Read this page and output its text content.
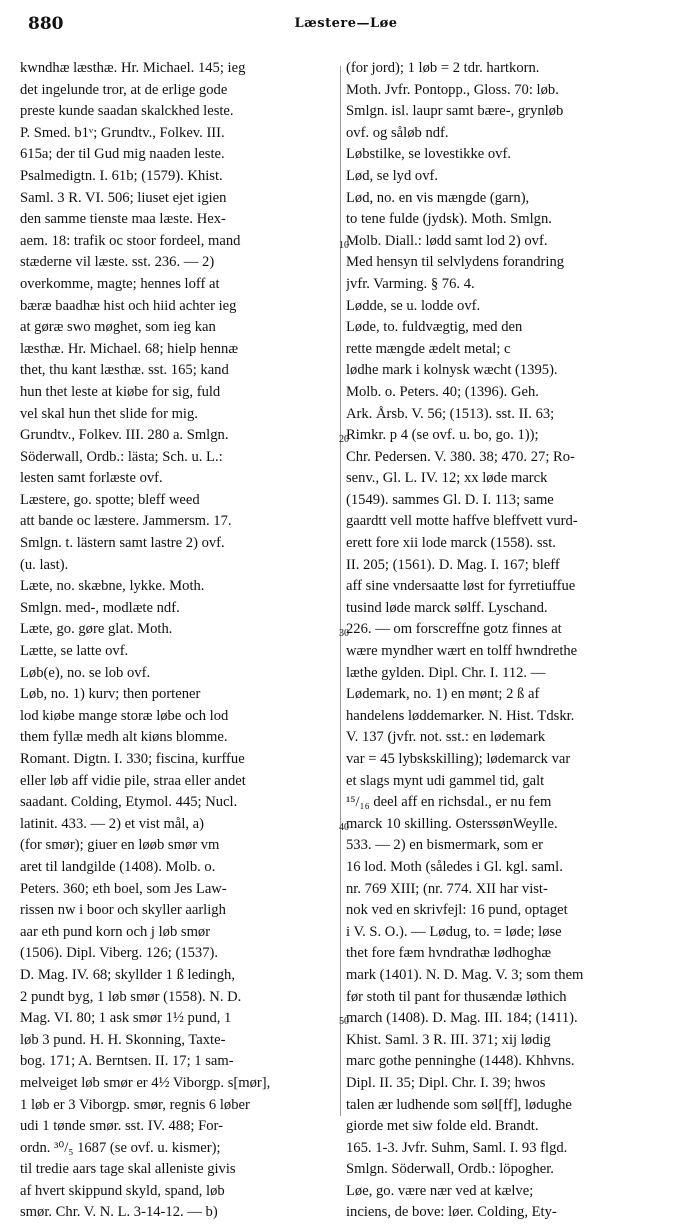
880	Læstere—Løe
kwndhæ læsthæ. Hr. Michael. 145; ieg
det ingelunde tror, at de erlige gode
preste kunde saadan skalckhed leste.
P. Smed. b1ᵛ; Grundtv., Folkev. III.
615a; der til Gud mig naaden leste.
Psalmedigtn. I. 61b; (1579). Khist.
Saml. 3 R. VI. 506; liuset ejet igien
den samme tienste maa læste. Hex-
aem. 18: trafik oc stoor fordeel, mand
stæderne vil læste. sst. 236. — 2)
overkomme, magte; hennes loff at
bæræ baadhæ hist och hiid achter ieg
at gøræ swo møghet, som ieg kan
læsthæ. Hr. Michael. 68; hielp hennæ
thet, thu kant læsthæ. sst. 165; kand
hun thet leste at kiøbe for sig, fuld
vel skal hun thet slide for mig.
Grundtv., Folkev. III. 280 a. Smlgn.
Söderwall, Ordb.: lästa; Sch. u. L.:
lesten samt forlæste ovf.
Læstere, go. spotte; bleff weed
att bande oc læstere. Jammersm. 17.
Smlgn. t. lästern samt lastre 2) ovf.
(u. last).
Læte, no. skæbne, lykke. Moth.
Smlgn. med-, modlæte ndf.
Læte, go. gøre glat. Moth.
Lætte, se latte ovf.
Løb(e), no. se lob ovf.
Løb, no. 1) kurv; then portener
lod kiøbe mange storæ løbe och lod
them fyllæ medh alt kiøns blomme.
Romant. Digtn. I. 330; fiscina, kurffue
eller løb aff vidie pile, straa eller andet
saadant. Colding, Etymol. 445; Nucl.
latinit. 433. — 2) et vist mål, a)
(for smør); giuer en løøb smør vm
aret til landgilde (1408). Molb. o.
Peters. 360; eth boel, som Jes Law-
rissen nw i boor och skyller aarligh
aar eth pund korn och j løb smør
(1506). Dipl. Viberg. 126; (1537).
D. Mag. IV. 68; skyllder 1 ß ledingh,
2 pundt byg, 1 løb smør (1558). N. D.
Mag. VI. 80; 1 ask smør 1½ pund, 1
løb 3 pund. H. H. Skonning, Taxte-
bog. 171; A. Berntsen. II. 17; 1 sam-
melveiget løb smør er 4½ Viborgp. s[mør],
1 løb er 3 Viborgp. smør, regnis 6 løber
udi 1 tønde smør. sst. IV. 488; For-
ordn. ³⁰/₅ 1687 (se ovf. u. kismer);
til tredie aars tage skal alleniste givis
af hvert skippund skyld, spand, løb
smør. Chr. V. N. L. 3-14-12. — b)
(for jord); 1 løb = 2 tdr. hartkorn.
Moth. Jvfr. Pontopp., Gloss. 70: løb.
Smlgn. isl. laupr samt bære-, grynløb
ovf. og såløb ndf.
Løbstilke, se lovestikke ovf.
Lød, se lyd ovf.
Lød, no. en vis mængde (garn),
to tene fulde (jydsk). Moth. Smlgn.
Molb. Diall.: lødd samt lod 2) ovf.
Med hensyn til selvlydens forandring
jvfr. Varming. § 76. 4.
Lødde, se u. lodde ovf.
Løde, to. fuldvægtig, med den
rette mængde ædelt metal; c
lødhe mark i kolnysk wæcht (1395).
Molb. o. Peters. 40; (1396). Geh.
Ark. Årsb. V. 56; (1513). sst. II. 63;
Rimkr. p 4 (se ovf. u. bo, go. 1));
Chr. Pedersen. V. 380. 38; 470. 27; Ro-
senv., Gl. L. IV. 12; xx løde marck
(1549). sammes Gl. D. I. 113; same
gaardtt vell motte haffve bleffvett vurd-
erett fore xii lode marck (1558). sst.
II. 205; (1561). D. Mag. I. 167; bleff
aff sine vndersaatte løst for fyrretiuffue
tusind løde marck sølff. Lyschand.
226. — om forscreffne gotz finnes at
wære myndher wært en tolff hwndrethe
læthe gylden. Dipl. Chr. I. 112. —
Lødemark, no. 1) en mønt; 2 ß af
handelens løddemarker. N. Hist. Tdskr.
V. 137 (jvfr. not. sst.: en lødemark
var = 45 lybskskilling); lødemarck var
et slags mynt udi gammel tid, galt
¹⁵/₁₆ deel aff en richsdal., er nu fem
marck 10 skilling. OsterssønWeylle.
533. — 2) en bismermark, som er
16 lod. Moth (således i Gl. kgl. saml.
nr. 769 XIII; (nr. 774. XII har vist-
nok ved en skrivfejl: 16 pund, optaget
i V. S. O.). — Lødug, to. = løde; løse
thet fore fæm hvndrathæ lødhoghæ
mark (1401). N. D. Mag. V. 3; som them
før stoth til pant for thusændæ løthich
march (1408). D. Mag. III. 184; (1411).
Khist. Saml. 3 R. III. 371; xij lødig
marc gothe penninghe (1448). Khhvns.
Dipl. II. 35; Dipl. Chr. I. 39; hwos
talen ær ludhende som søl[ff], lødughe
giorde met siw folde eld. Brandt.
165. 1-3. Jvfr. Suhm, Saml. I. 93 flgd.
Smlgn. Söderwall, Ordb.: löpogher.
Løe, go. være nær ved at kælve;
inciens, de bove: løer. Colding, Ety-
10
20
30
40
50
